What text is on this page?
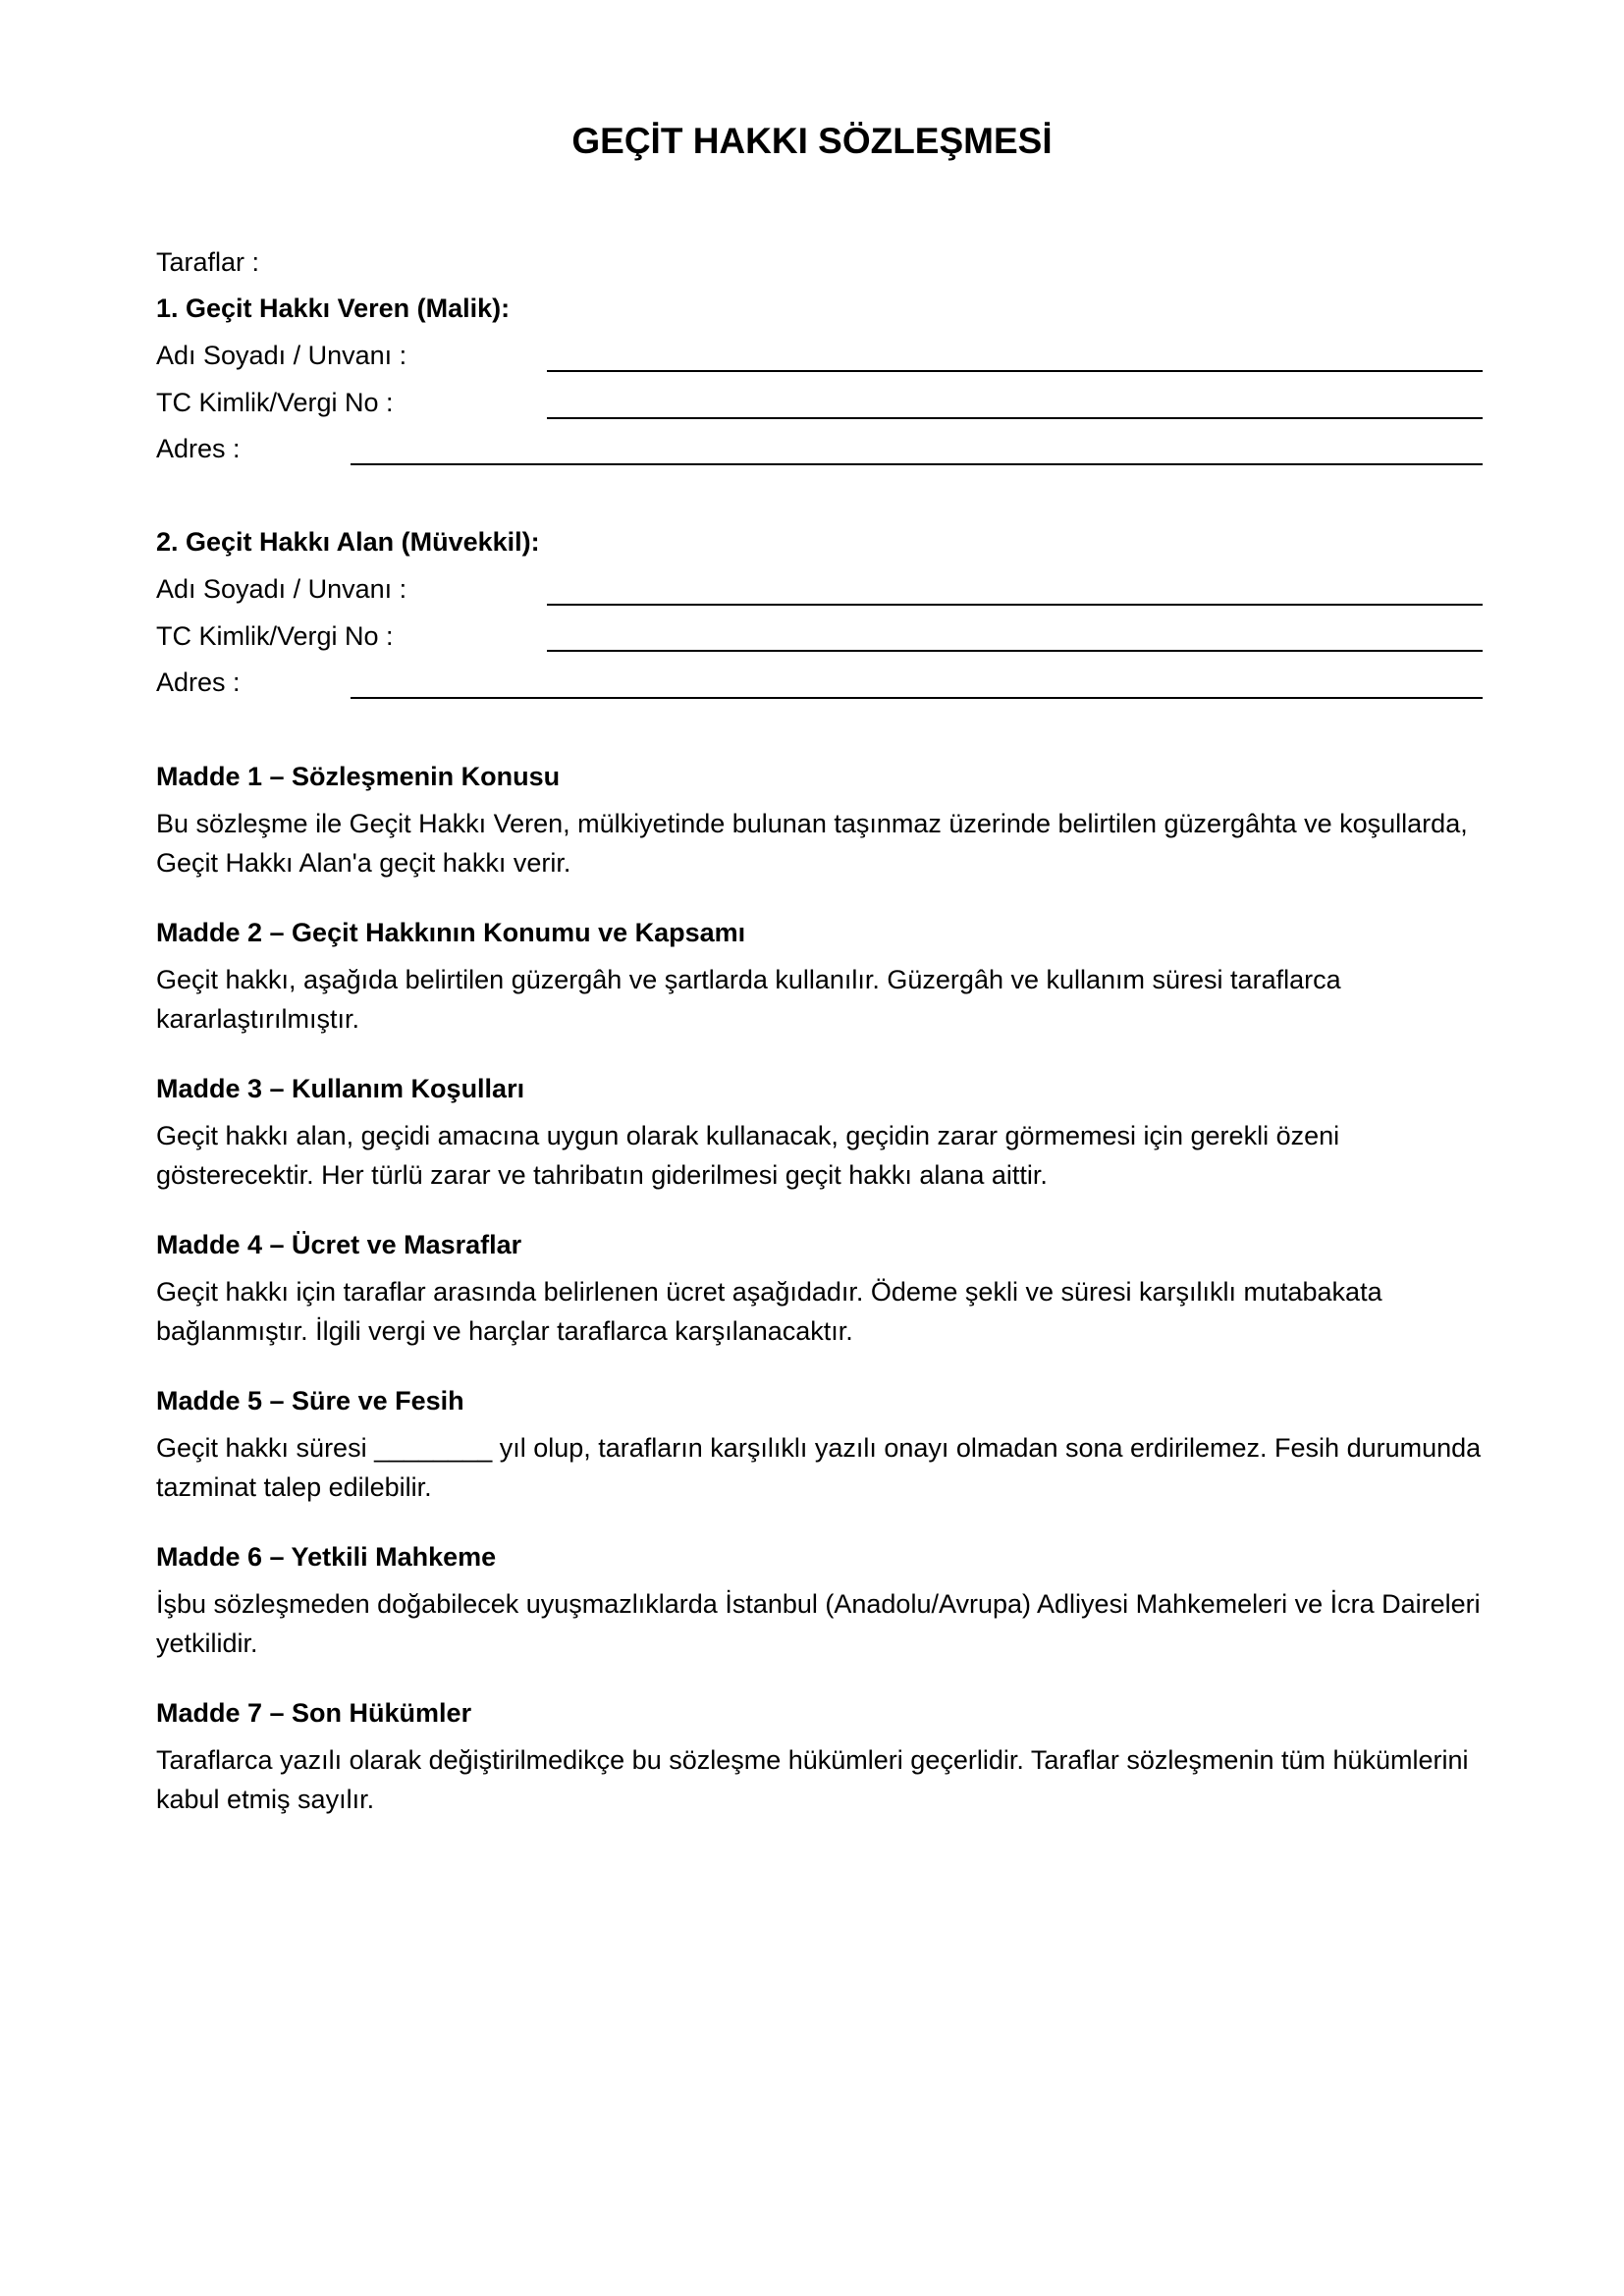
GEÇİT HAKKI SÖZLEŞMESİ

Taraflar :

1. Geçit Hakkı Veren (Malik):

Adı Soyadı / Unvanı :

TC Kimlik/Vergi No :

Adres :

2. Geçit Hakkı Alan (Müvekkil):

Adı Soyadı / Unvanı :

TC Kimlik/Vergi No :

Adres :

Madde 1 – Sözleşmenin Konusu

Bu sözleşme ile Geçit Hakkı Veren, mülkiyetinde bulunan taşınmaz üzerinde belirtilen güzergâhta ve koşullarda, Geçit Hakkı Alan'a geçit hakkı verir.

Madde 2 – Geçit Hakkının Konumu ve Kapsamı

Geçit hakkı, aşağıda belirtilen güzergâh ve şartlarda kullanılır. Güzergâh ve kullanım süresi taraflarca kararlaştırılmıştır.

Madde 3 – Kullanım Koşulları

Geçit hakkı alan, geçidi amacına uygun olarak kullanacak, geçidin zarar görmemesi için gerekli özeni gösterecektir. Her türlü zarar ve tahribatın giderilmesi geçit hakkı alana aittir.

Madde 4 – Ücret ve Masraflar

Geçit hakkı için taraflar arasında belirlenen ücret aşağıdadır. Ödeme şekli ve süresi karşılıklı mutabakata bağlanmıştır. İlgili vergi ve harçlar taraflarca karşılanacaktır.

Madde 5 – Süre ve Fesih

Geçit hakkı süresi ________ yıl olup, tarafların karşılıklı yazılı onayı olmadan sona erdirilemez. Fesih durumunda tazminat talep edilebilir.

Madde 6 – Yetkili Mahkeme

İşbu sözleşmeden doğabilecek uyuşmazlıklarda İstanbul (Anadolu/Avrupa) Adliyesi Mahkemeleri ve İcra Daireleri yetkilidir.

Madde 7 – Son Hükümler

Taraflarca yazılı olarak değiştirilmedikçe bu sözleşme hükümleri geçerlidir. Taraflar sözleşmenin tüm hükümlerini kabul etmiş sayılır.
